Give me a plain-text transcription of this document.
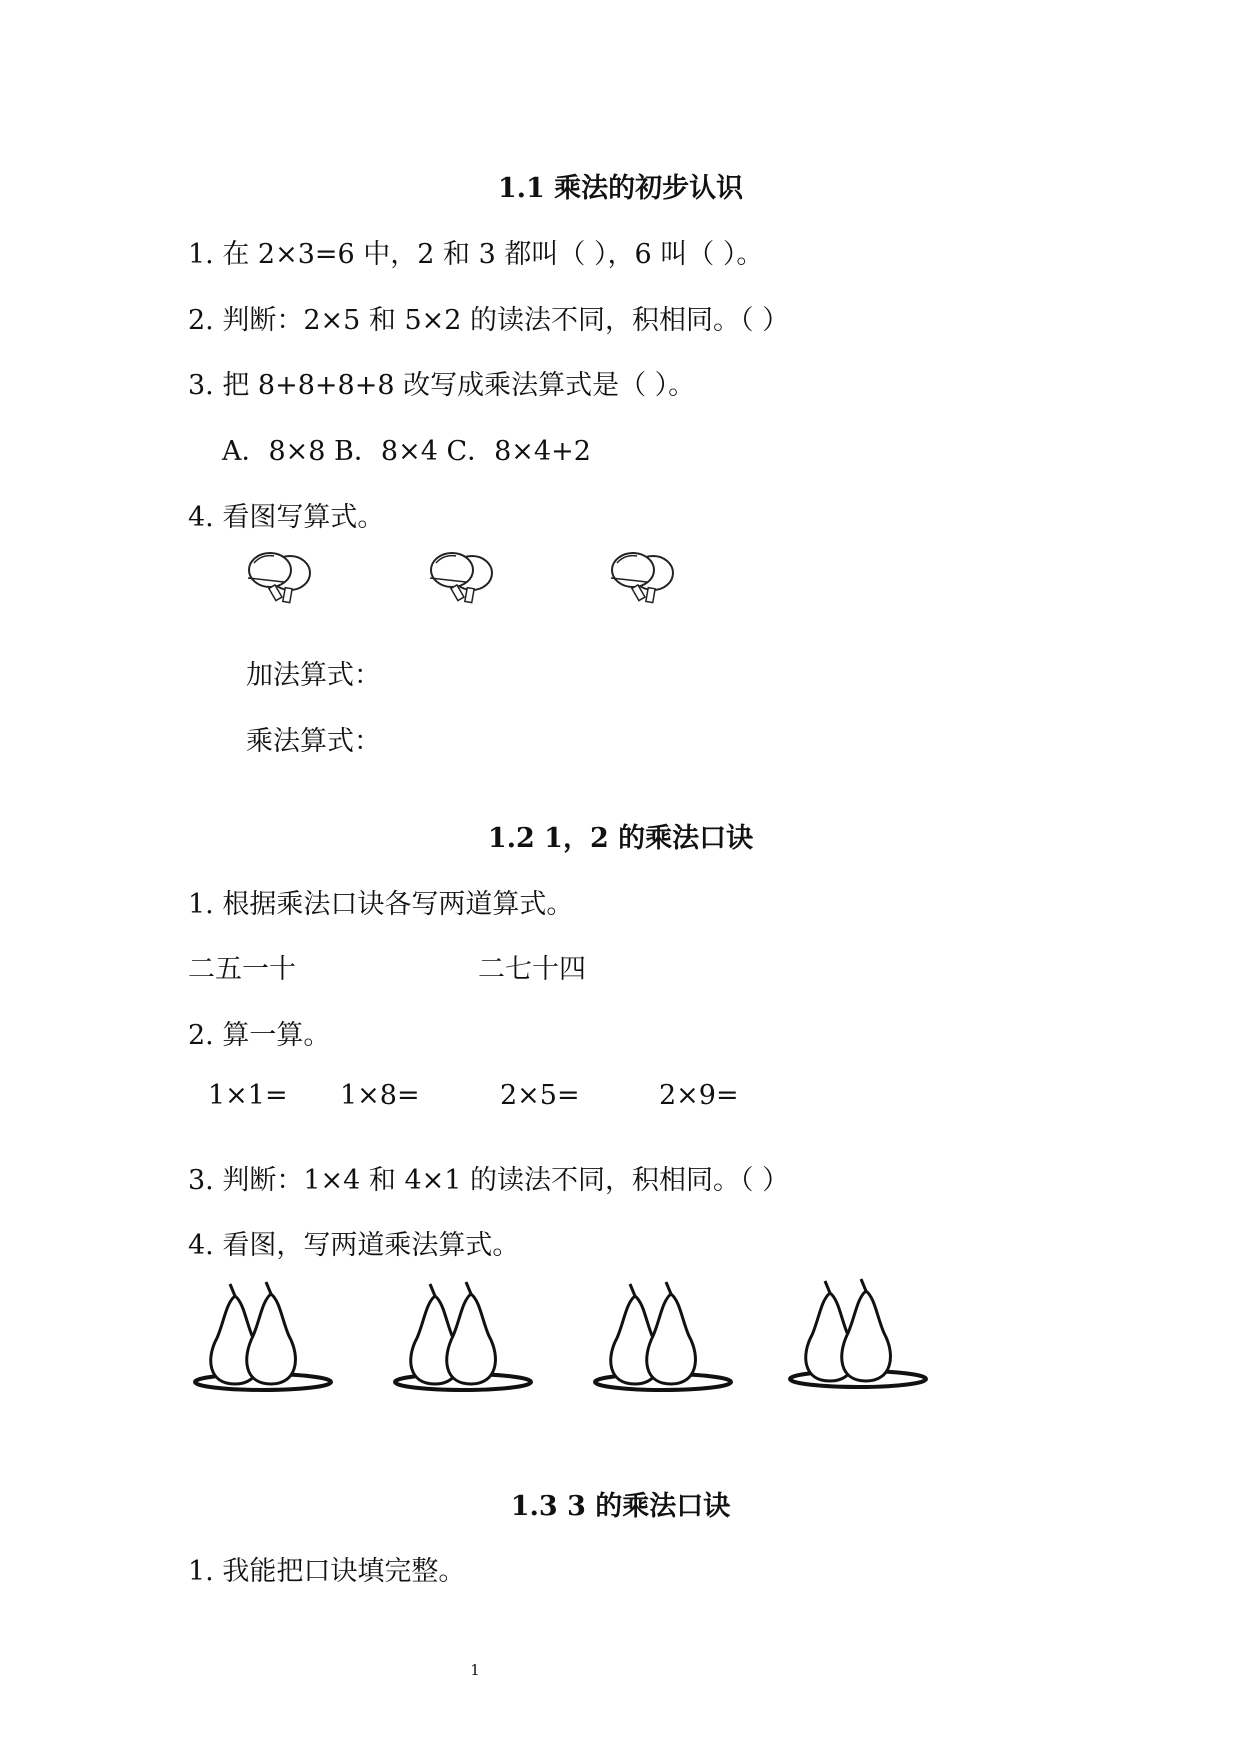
1.1 乘法的初步认识
1. 在 2×3=6 中，2 和 3 都叫（ ），6 叫（ ）。
2. 判断：2×5 和 5×2 的读法不同，积相同。（ ）
3. 把 8+8+8+8 改写成乘法算式是（ ）。
A．8×8 B．8×4 C．8×4+2
4. 看图写算式。
加法算式：
乘法算式：
1.2 1，2 的乘法口诀
1. 根据乘法口诀各写两道算式。
二五一十	二七十四
2. 算一算。
1×1= 1×8=	2×5=	2×9=
3. 判断：1×4 和 4×1 的读法不同，积相同。（ ）
4. 看图，写两道乘法算式。
1.3 3 的乘法口诀
1. 我能把口诀填完整。
1
